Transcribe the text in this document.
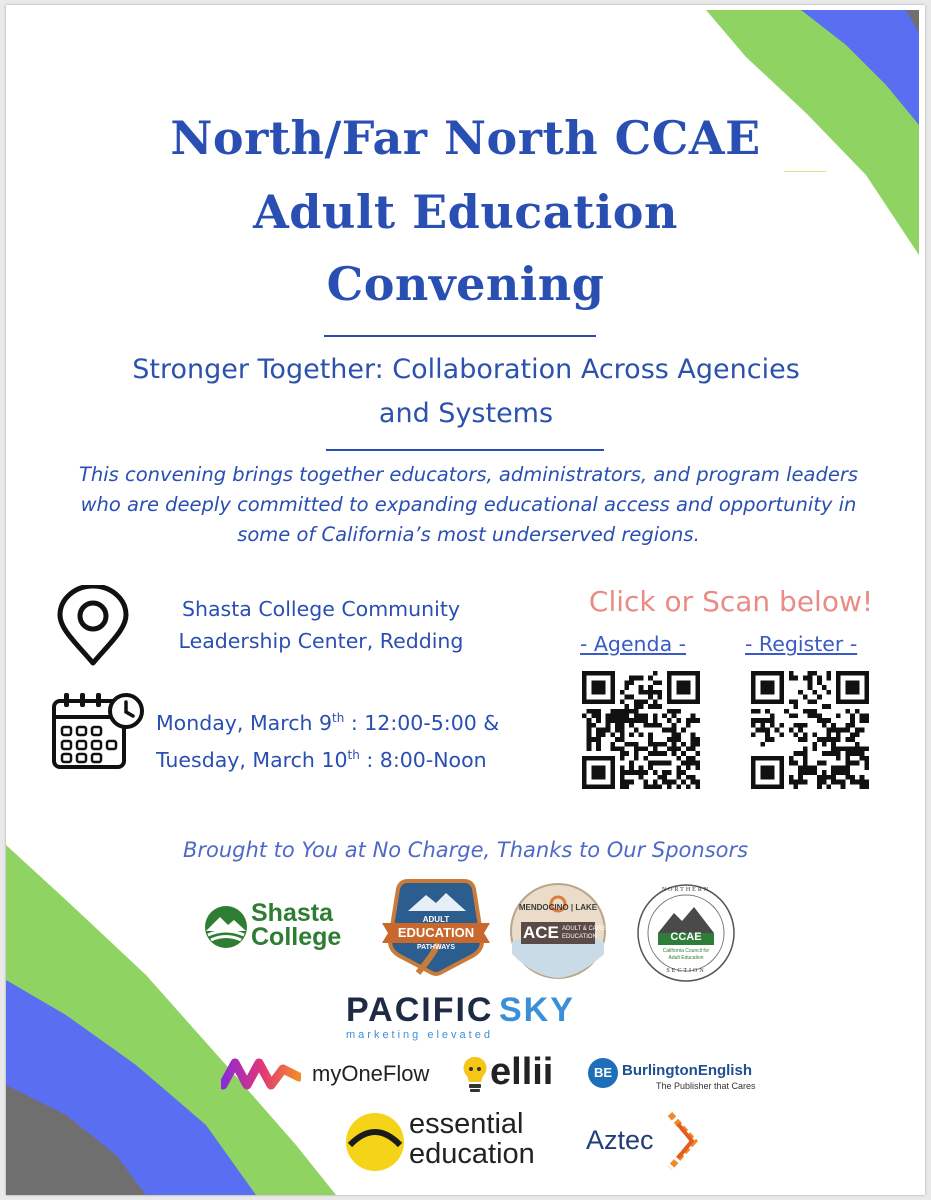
North/Far North CCAE
Adult Education
Convening
Stronger Together: Collaboration Across Agencies
and Systems
This convening brings together educators, administrators, and program leaders
who are deeply committed to expanding educational access and opportunity in
some of California’s most underserved regions.
Shasta College Community
Leadership Center, Redding
Monday, March 9th : 12:00-5:00 &
Tuesday, March 10th : 8:00-Noon
Click or Scan below!
- Agenda -	- Register -
Brought to You at No Charge, Thanks to Our Sponsors
Shasta
College
ADULT
EDUCATION
PATHWAYS
MENDOCINO | LAKE
ACE ADULT & CAREER
EDUCATION
NORTHERN
CCAE
California Council for
Adult Education
SECTION
PACIFIC SKY
marketing elevated
myOneFlow ellii	BE BurlingtonEnglish
The Publisher that Cares
essential
education Aztec
